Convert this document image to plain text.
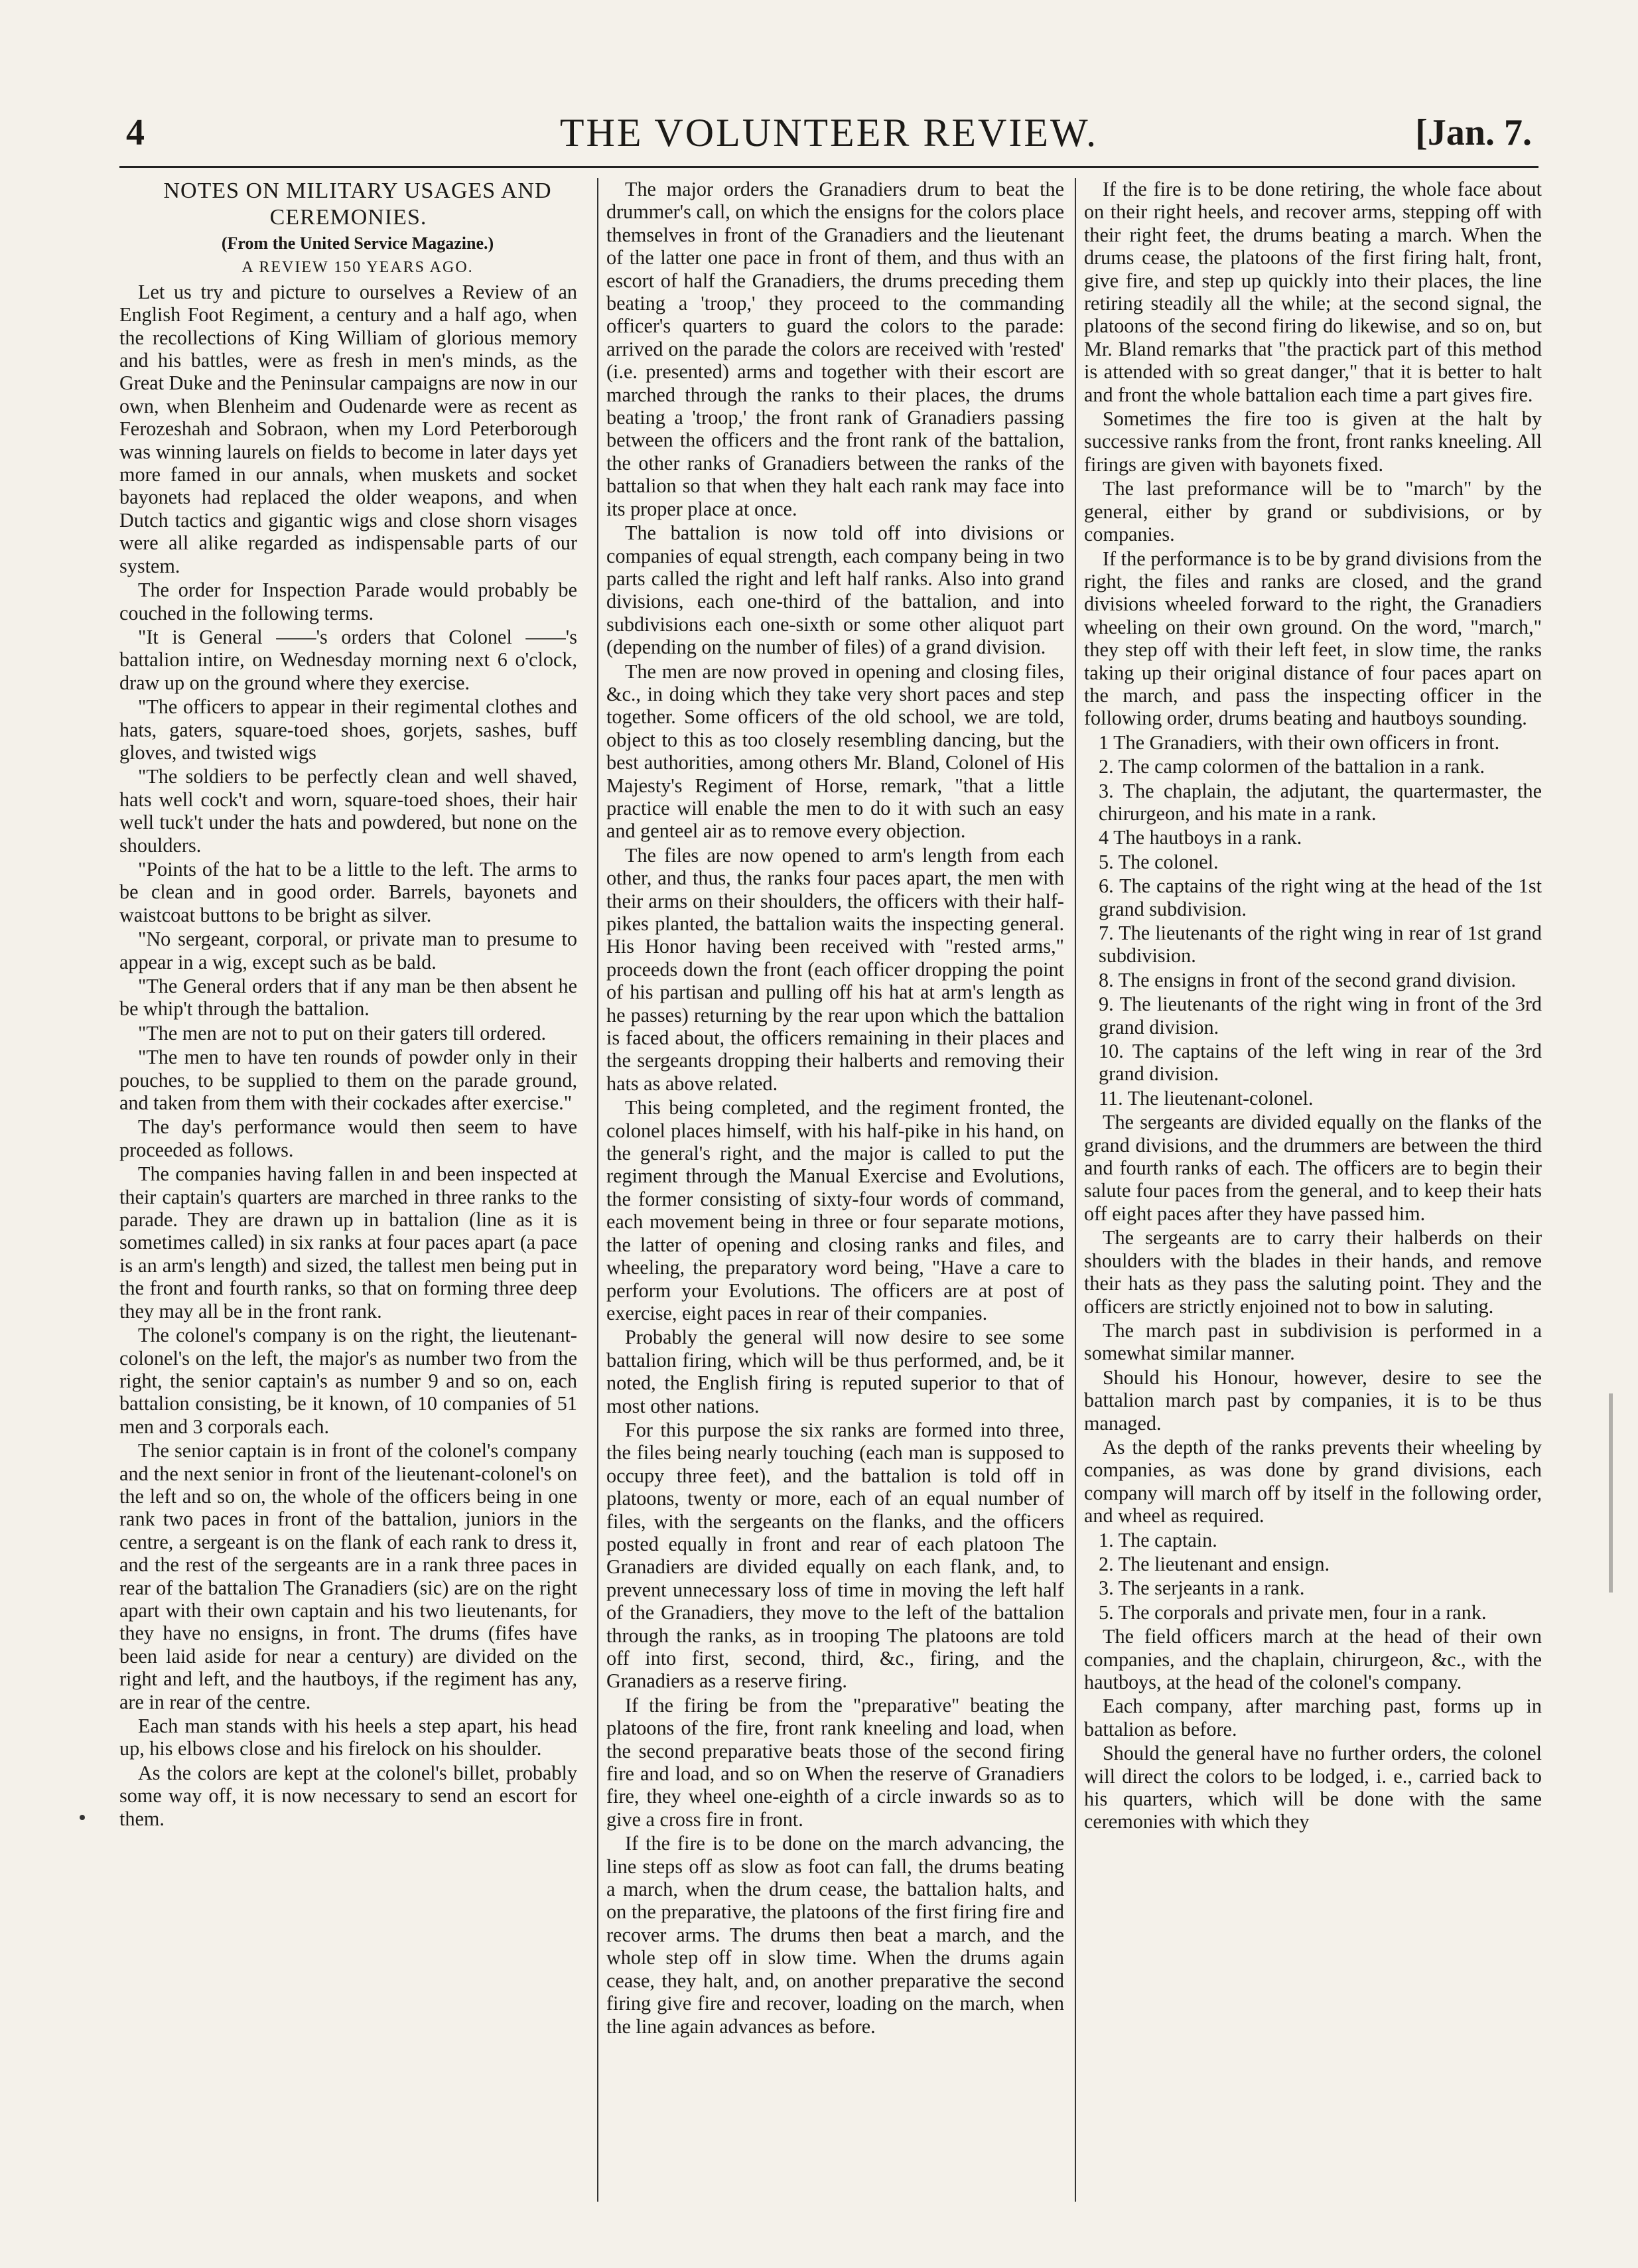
4	THE VOLUNTEER REVIEW.	[Jan. 7.

NOTES ON MILITARY USAGES AND CEREMONIES.

(From the United Service Magazine.)

A REVIEW 150 YEARS AGO.

Let us try and picture to ourselves a Review of an English Foot Regiment, a century and a half ago, when the recollections of King William of glorious memory and his battles, were as fresh in men's minds, as the Great Duke and the Peninsular campaigns are now in our own, when Blenheim and Oudenarde were as recent as Ferozeshah and Sobraon, when my Lord Peterborough was winning laurels on fields to become in later days yet more famed in our annals, when muskets and socket bayonets had replaced the older weapons, and when Dutch tactics and gigantic wigs and close shorn visages were all alike regarded as indispensable parts of our system.

The order for Inspection Parade would probably be couched in the following terms.

"It is General ——'s orders that Colonel ——'s battalion intire, on Wednesday morning next 6 o'clock, draw up on the ground where they exercise.

"The officers to appear in their regimental clothes and hats, gaters, square-toed shoes, gorjets, sashes, buff gloves, and twisted wigs

"The soldiers to be perfectly clean and well shaved, hats well cock't and worn, square-toed shoes, their hair well tuck't under the hats and powdered, but none on the shoulders.

"Points of the hat to be a little to the left. The arms to be clean and in good order. Barrels, bayonets and waistcoat buttons to be bright as silver.

"No sergeant, corporal, or private man to presume to appear in a wig, except such as be bald.

"The General orders that if any man be then absent he be whip't through the battalion.

"The men are not to put on their gaters till ordered.

"The men to have ten rounds of powder only in their pouches, to be supplied to them on the parade ground, and taken from them with their cockades after exercise."

The day's performance would then seem to have proceeded as follows.

The companies having fallen in and been inspected at their captain's quarters are marched in three ranks to the parade. They are drawn up in battalion (line as it is sometimes called) in six ranks at four paces apart (a pace is an arm's length) and sized, the tallest men being put in the front and fourth ranks, so that on forming three deep they may all be in the front rank.

The colonel's company is on the right, the lieutenant-colonel's on the left, the major's as number two from the right, the senior captain's as number 9 and so on, each battalion consisting, be it known, of 10 companies of 51 men and 3 corporals each.

The senior captain is in front of the colonel's company and the next senior in front of the lieutenant-colonel's on the left and so on, the whole of the officers being in one rank two paces in front of the battalion, juniors in the centre, a sergeant is on the flank of each rank to dress it, and the rest of the sergeants are in a rank three paces in rear of the battalion The Granadiers (sic) are on the right apart with their own captain and his two lieutenants, for they have no ensigns, in front. The drums (fifes have been laid aside for near a century) are divided on the right and left, and the hautboys, if the regiment has any, are in rear of the centre.

Each man stands with his heels a step apart, his head up, his elbows close and his firelock on his shoulder.

As the colors are kept at the colonel's billet, probably some way off, it is now necessary to send an escort for them.

The major orders the Granadiers drum to beat the drummer's call, on which the ensigns for the colors place themselves in front of the Granadiers and the lieutenant of the latter one pace in front of them, and thus with an escort of half the Granadiers, the drums preceding them beating a 'troop,' they proceed to the commanding officer's quarters to guard the colors to the parade: arrived on the parade the colors are received with 'rested' (i.e. presented) arms and together with their escort are marched through the ranks to their places, the drums beating a 'troop,' the front rank of Granadiers passing between the officers and the front rank of the battalion, the other ranks of Granadiers between the ranks of the battalion so that when they halt each rank may face into its proper place at once.

The battalion is now told off into divisions or companies of equal strength, each company being in two parts called the right and left half ranks. Also into grand divisions, each one-third of the battalion, and into subdivisions each one-sixth or some other aliquot part (depending on the number of files) of a grand division.

The men are now proved in opening and closing files, &c., in doing which they take very short paces and step together. Some officers of the old school, we are told, object to this as too closely resembling dancing, but the best authorities, among others Mr. Bland, Colonel of His Majesty's Regiment of Horse, remark, "that a little practice will enable the men to do it with such an easy and genteel air as to remove every objection.

The files are now opened to arm's length from each other, and thus, the ranks four paces apart, the men with their arms on their shoulders, the officers with their half-pikes planted, the battalion waits the inspecting general. His Honor having been received with "rested arms," proceeds down the front (each officer dropping the point of his partisan and pulling off his hat at arm's length as he passes) returning by the rear upon which the battalion is faced about, the officers remaining in their places and the sergeants dropping their halberts and removing their hats as above related.

This being completed, and the regiment fronted, the colonel places himself, with his half-pike in his hand, on the general's right, and the major is called to put the regiment through the Manual Exercise and Evolutions, the former consisting of sixty-four words of command, each movement being in three or four separate motions, the latter of opening and closing ranks and files, and wheeling, the preparatory word being, "Have a care to perform your Evolutions. The officers are at post of exercise, eight paces in rear of their companies.

Probably the general will now desire to see some battalion firing, which will be thus performed, and, be it noted, the English firing is reputed superior to that of most other nations.

For this purpose the six ranks are formed into three, the files being nearly touching (each man is supposed to occupy three feet), and the battalion is told off in platoons, twenty or more, each of an equal number of files, with the sergeants on the flanks, and the officers posted equally in front and rear of each platoon The Granadiers are divided equally on each flank, and, to prevent unnecessary loss of time in moving the left half of the Granadiers, they move to the left of the battalion through the ranks, as in trooping The platoons are told off into first, second, third, &c., firing, and the Granadiers as a reserve firing.

If the firing be from the "preparative" beating the platoons of the fire, front rank kneeling and load, when the second preparative beats those of the second firing fire and load, and so on When the reserve of Granadiers fire, they wheel one-eighth of a circle inwards so as to give a cross fire in front.

If the fire is to be done on the march advancing, the line steps off as slow as foot can fall, the drums beating a march, when the drum cease, the battalion halts, and on the preparative, the platoons of the first firing fire and recover arms. The drums then beat a march, and the whole step off in slow time. When the drums again cease, they halt, and, on another preparative the second firing give fire and recover, loading on the march, when the line again advances as before.

If the fire is to be done retiring, the whole face about on their right heels, and recover arms, stepping off with their right feet, the drums beating a march. When the drums cease, the platoons of the first firing halt, front, give fire, and step up quickly into their places, the line retiring steadily all the while; at the second signal, the platoons of the second firing do likewise, and so on, but Mr. Bland remarks that "the practick part of this method is attended with so great danger," that it is better to halt and front the whole battalion each time a part gives fire.

Sometimes the fire too is given at the halt by successive ranks from the front, front ranks kneeling. All firings are given with bayonets fixed.

The last preformance will be to "march" by the general, either by grand or subdivisions, or by companies.

If the performance is to be by grand divisions from the right, the files and ranks are closed, and the grand divisions wheeled forward to the right, the Granadiers wheeling on their own ground. On the word, "march," they step off with their left feet, in slow time, the ranks taking up their original distance of four paces apart on the march, and pass the inspecting officer in the following order, drums beating and hautboys sounding.

1 The Granadiers, with their own officers in front.

2. The camp colormen of the battalion in a rank.

3. The chaplain, the adjutant, the quartermaster, the chirurgeon, and his mate in a rank.

4 The hautboys in a rank.

5. The colonel.

6. The captains of the right wing at the head of the 1st grand subdivision.

7. The lieutenants of the right wing in rear of 1st grand subdivision.

8. The ensigns in front of the second grand division.

9. The lieutenants of the right wing in front of the 3rd grand division.

10. The captains of the left wing in rear of the 3rd grand division.

11. The lieutenant-colonel.

The sergeants are divided equally on the flanks of the grand divisions, and the drummers are between the third and fourth ranks of each. The officers are to begin their salute four paces from the general, and to keep their hats off eight paces after they have passed him.

The sergeants are to carry their halberds on their shoulders with the blades in their hands, and remove their hats as they pass the saluting point. They and the officers are strictly enjoined not to bow in saluting.

The march past in subdivision is performed in a somewhat similar manner.

Should his Honour, however, desire to see the battalion march past by companies, it is to be thus managed.

As the depth of the ranks prevents their wheeling by companies, as was done by grand divisions, each company will march off by itself in the following order, and wheel as required.

1. The captain.

2. The lieutenant and ensign.

3. The serjeants in a rank.

5. The corporals and private men, four in a rank.

The field officers march at the head of their own companies, and the chaplain, chirurgeon, &c., with the hautboys, at the head of the colonel's company.

Each company, after marching past, forms up in battalion as before.

Should the general have no further orders, the colonel will direct the colors to be lodged, i. e., carried back to his quarters, which will be done with the same ceremonies with which they
